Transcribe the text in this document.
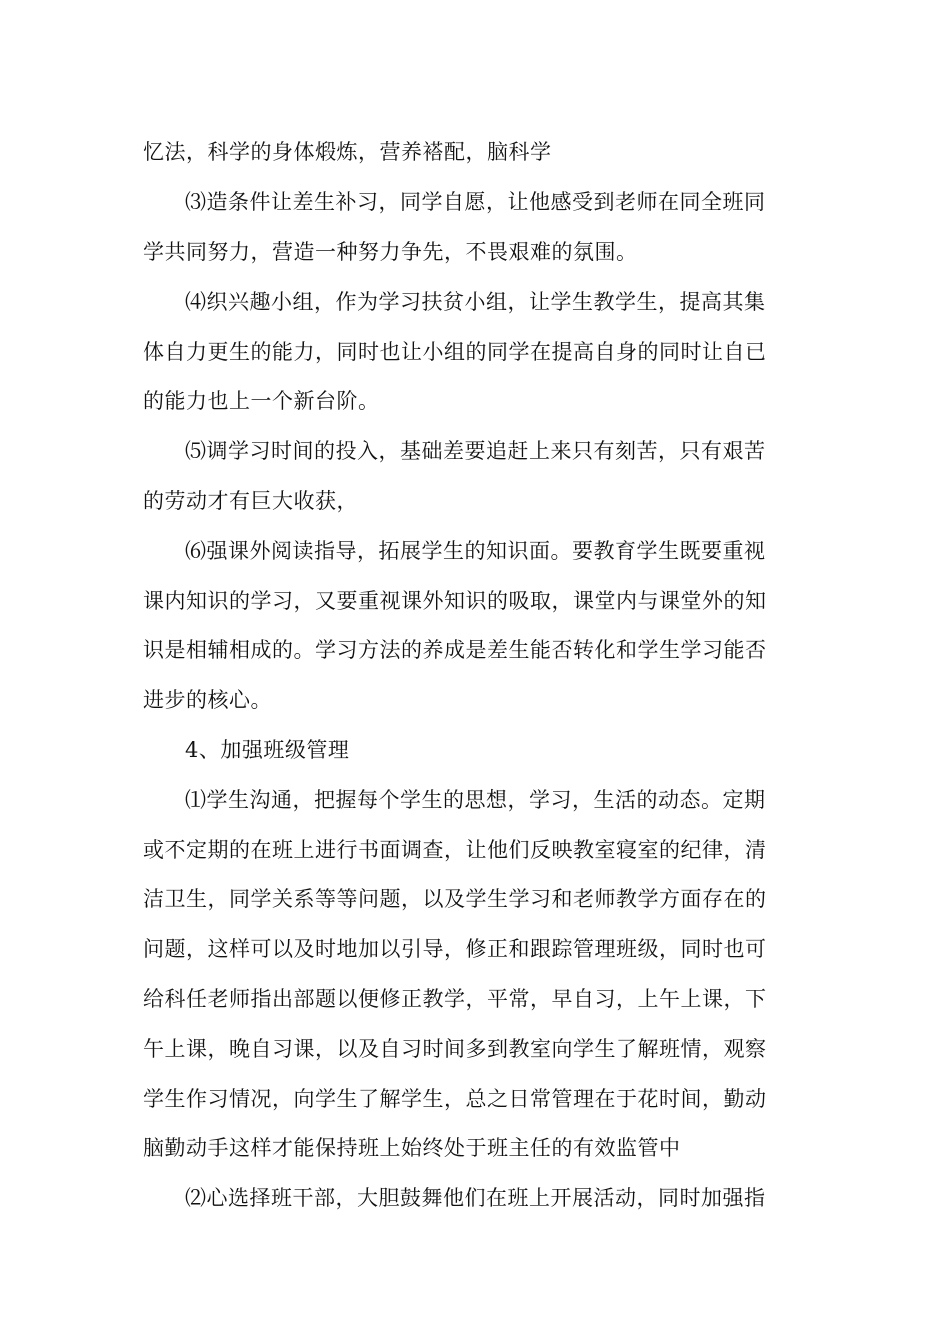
忆法，科学的身体煅炼，营养褡配，脑科学
⑶造条件让差生补习，同学自愿，让他感受到老师在同全班同
学共同努力，营造一种努力争先，不畏艰难的氛围。
⑷织兴趣小组，作为学习扶贫小组，让学生教学生，提高其集
体自力更生的能力，同时也让小组的同学在提高自身的同时让自已
的能力也上一个新台阶。
⑸调学习时间的投入，基础差要追赶上来只有刻苦，只有艰苦
的劳动才有巨大收获，
⑹强课外阅读指导，拓展学生的知识面。要教育学生既要重视
课内知识的学习，又要重视课外知识的吸取，课堂内与课堂外的知
识是相辅相成的。学习方法的养成是差生能否转化和学生学习能否
进步的核心。
4、加强班级管理
⑴学生沟通，把握每个学生的思想，学习，生活的动态。定期
或不定期的在班上进行书面调查，让他们反映教室寝室的纪律，清
洁卫生，同学关系等等问题，以及学生学习和老师教学方面存在的
问题，这样可以及时地加以引导，修正和跟踪管理班级，同时也可
给科任老师指出部题以便修正教学，平常，早自习，上午上课，下
午上课，晚自习课，以及自习时间多到教室向学生了解班情，观察
学生作习情况，向学生了解学生，总之日常管理在于花时间，勤动
脑勤动手这样才能保持班上始终处于班主任的有效监管中
⑵心选择班干部，大胆鼓舞他们在班上开展活动，同时加强指
